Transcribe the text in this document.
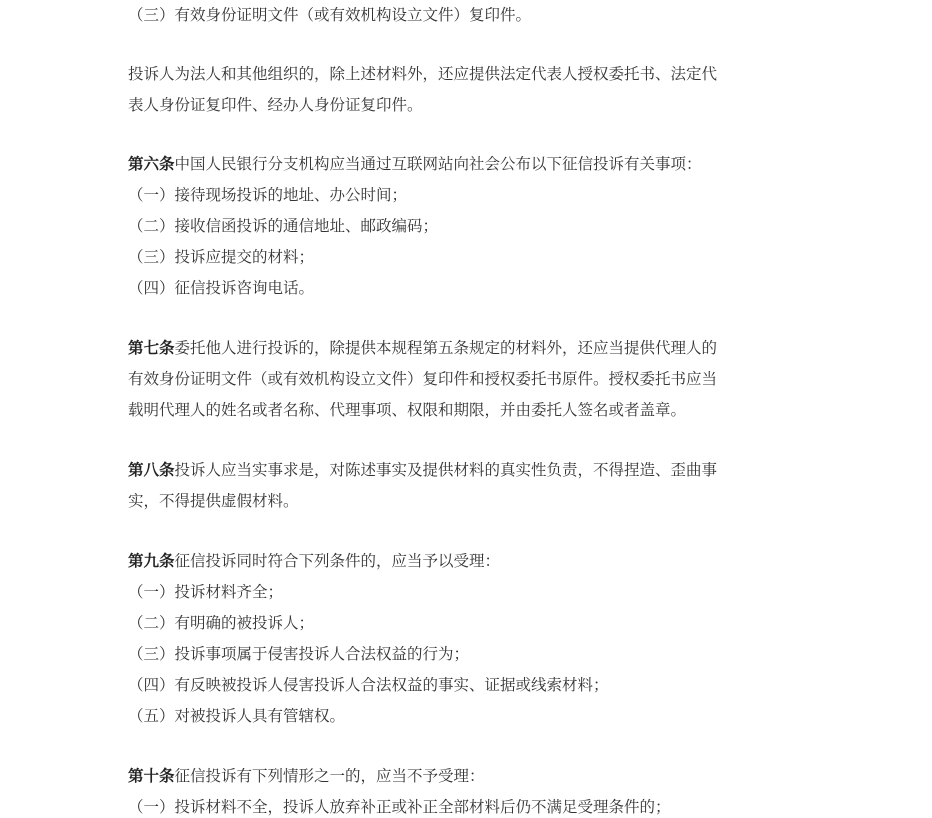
（三）有效身份证明文件（或有效机构设立文件）复印件。
投诉人为法人和其他组织的，除上述材料外，还应提供法定代表人授权委托书、法定代
表人身份证复印件、经办人身份证复印件。
第六条中国人民银行分支机构应当通过互联网站向社会公布以下征信投诉有关事项：
（一）接待现场投诉的地址、办公时间；
（二）接收信函投诉的通信地址、邮政编码；
（三）投诉应提交的材料；
（四）征信投诉咨询电话。
第七条委托他人进行投诉的，除提供本规程第五条规定的材料外，还应当提供代理人的
有效身份证明文件（或有效机构设立文件）复印件和授权委托书原件。授权委托书应当
载明代理人的姓名或者名称、代理事项、权限和期限，并由委托人签名或者盖章。
第八条投诉人应当实事求是，对陈述事实及提供材料的真实性负责，不得捏造、歪曲事
实，不得提供虚假材料。
第九条征信投诉同时符合下列条件的，应当予以受理：
（一）投诉材料齐全；
（二）有明确的被投诉人；
（三）投诉事项属于侵害投诉人合法权益的行为；
（四）有反映被投诉人侵害投诉人合法权益的事实、证据或线索材料；
（五）对被投诉人具有管辖权。
第十条征信投诉有下列情形之一的，应当不予受理：
（一）投诉材料不全，投诉人放弃补正或补正全部材料后仍不满足受理条件的；
